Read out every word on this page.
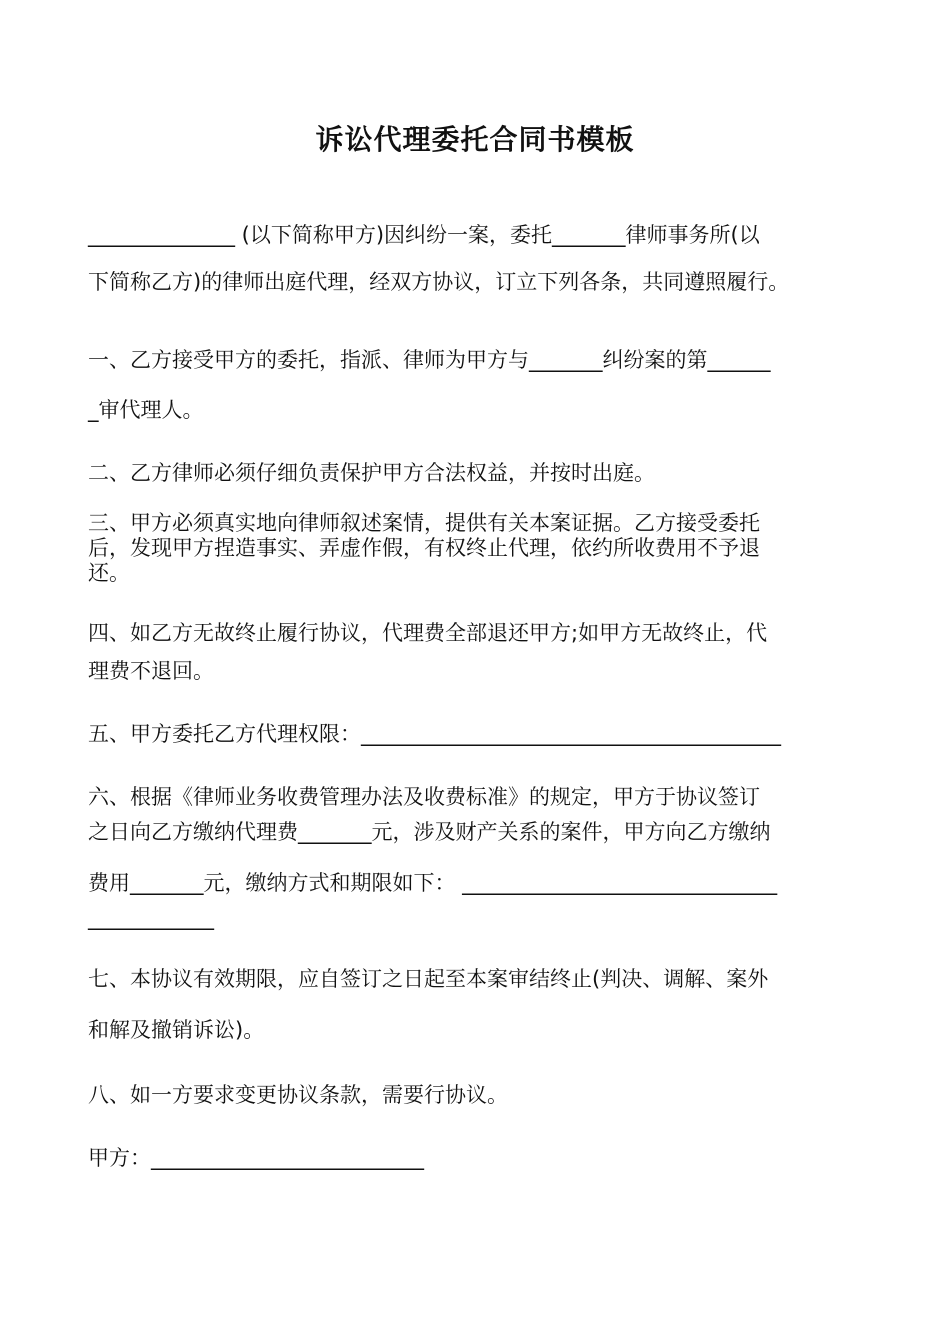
诉讼代理委托合同书模板
______________ (以下简称甲方)因纠纷一案，委托_______律师事务所(以
下简称乙方)的律师出庭代理，经双方协议，订立下列各条，共同遵照履行。
一、乙方接受甲方的委托，指派、律师为甲方与_______纠纷案的第______
_审代理人。
二、乙方律师必须仔细负责保护甲方合法权益，并按时出庭。
三、甲方必须真实地向律师叙述案情，提供有关本案证据。乙方接受委托
后，发现甲方捏造事实、弄虚作假，有权终止代理，依约所收费用不予退
还。
四、如乙方无故终止履行协议，代理费全部退还甲方;如甲方无故终止，代
理费不退回。
五、甲方委托乙方代理权限：________________________________________
六、根据《律师业务收费管理办法及收费标准》的规定，甲方于协议签订
之日向乙方缴纳代理费_______元，涉及财产关系的案件，甲方向乙方缴纳
费用_______元，缴纳方式和期限如下： ______________________________
____________
七、本协议有效期限，应自签订之日起至本案审结终止(判决、调解、案外
和解及撤销诉讼)。
八、如一方要求变更协议条款，需要行协议。
甲方：__________________________
